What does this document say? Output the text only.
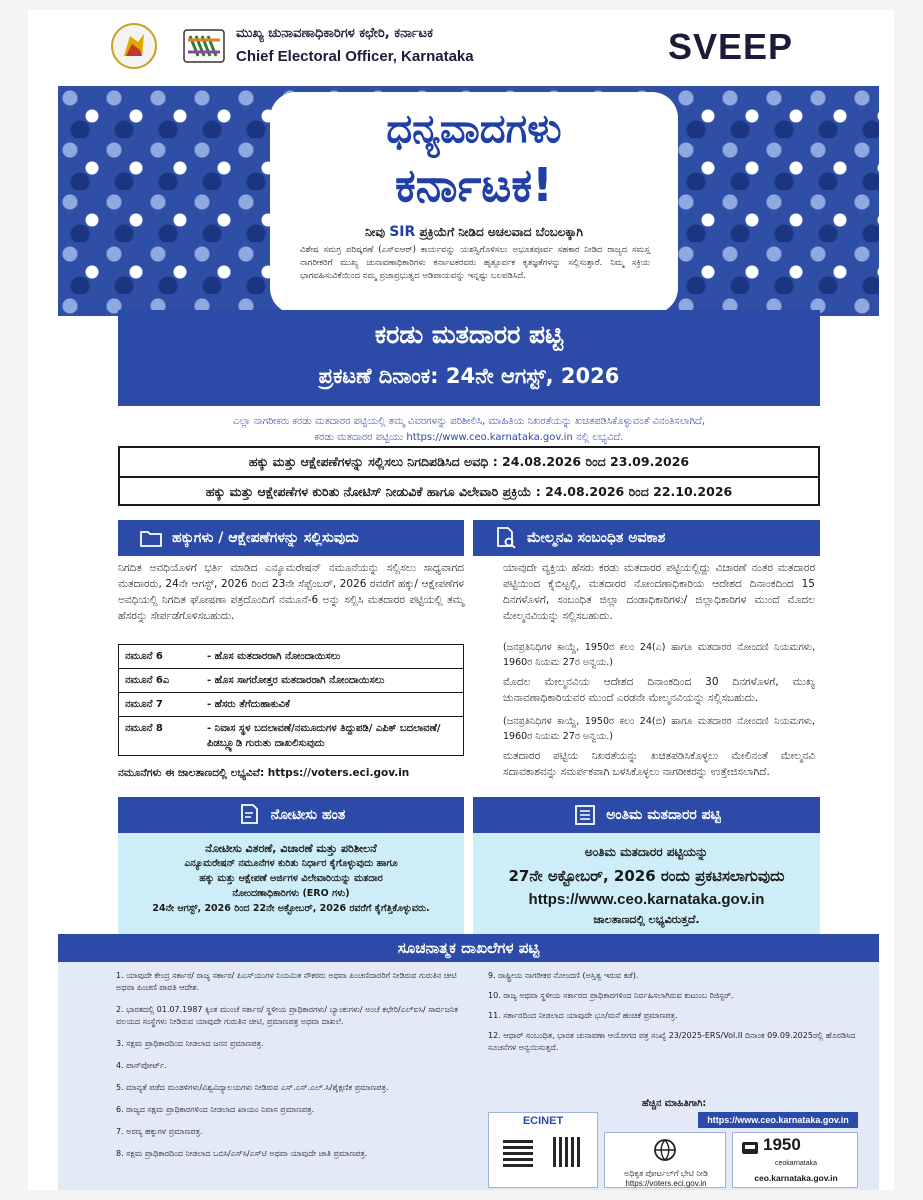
ಮುಖ್ಯ ಚುನಾವಣಾಧಿಕಾರಿಗಳ ಕಛೇರಿ, ಕರ್ನಾಟಕ
Chief Electoral Officer, Karnataka	SVEEP
ಧನ್ಯವಾದಗಳು
ಕರ್ನಾಟಕ!
ನೀವು SIR ಪ್ರಕ್ರಿಯೆಗೆ ನೀಡಿದ ಅಚಲವಾದ ಬೆಂಬಲಕ್ಕಾಗಿ
ವಿಶೇಷ ಸಮಗ್ರ ಪರಿಷ್ಕರಣೆ (ಎಸ್‌ಐಆರ್) ಕಾರ್ಯವನ್ನು ಯಶಸ್ವಿಗೊಳಿಸಲು ಅಭೂತಪೂರ್ವ ಸಹಕಾರ ನೀಡಿದ ರಾಜ್ಯದ ಸಮಸ್ತ ನಾಗರೀಕರಿಗೆ ಮುಖ್ಯ ಚುನಾವಣಾಧಿಕಾರಿಗಳು ಕರ್ನಾಟಕರವರು ಹೃತ್ಪೂರ್ವಕ ಕೃತಜ್ಞತೆಗಳನ್ನು ಸಲ್ಲಿಸುತ್ತಾರೆ. ನಿಮ್ಮ ಸಕ್ರಿಯ ಭಾಗವಹಿಸುವಿಕೆಯಿಂದ ನಮ್ಮ ಪ್ರಜಾಪ್ರಭುತ್ವದ ಅಡಿಪಾಯವನ್ನು ಇನ್ನಷ್ಟು ಬಲಪಡಿಸಿದೆ.
ಕರಡು ಮತದಾರರ ಪಟ್ಟಿ
ಪ್ರಕಟಣೆ ದಿನಾಂಕ: 24ನೇ ಆಗಸ್ಟ್, 2026
ಎಲ್ಲಾ ನಾಗರೀಕರು ಕರಡು ಮತದಾರರ ಪಟ್ಟಿಯಲ್ಲಿ ತಮ್ಮ ವಿವರಗಳನ್ನು ಪರಿಶೀಲಿಸಿ, ಮಾಹಿತಿಯ ನಿಖರತೆಯನ್ನು ಖಚಿತಪಡಿಸಿಕೊಳ್ಳುವಂತೆ ವಿನಂತಿಸಲಾಗಿದೆ,
ಕರಡು ಮತದಾರರ ಪಟ್ಟಿಯು https://www.ceo.karnataka.gov.in ನಲ್ಲಿ ಲಭ್ಯವಿದೆ.
ಹಕ್ಕು ಮತ್ತು ಆಕ್ಷೇಪಣೆಗಳನ್ನು ಸಲ್ಲಿಸಲು ನಿಗದಿಪಡಿಸಿದ ಅವಧಿ : 24.08.2026 ರಿಂದ 23.09.2026
ಹಕ್ಕು ಮತ್ತು ಆಕ್ಷೇಪಣೆಗಳ ಕುರಿತು ನೋಟಿಸ್ ನೀಡುವಿಕೆ ಹಾಗೂ ವಿಲೇವಾರಿ ಪ್ರಕ್ರಿಯೆ : 24.08.2026 ರಿಂದ 22.10.2026
ಹಕ್ಕುಗಳು / ಆಕ್ಷೇಪಣೆಗಳನ್ನು ಸಲ್ಲಿಸುವುದು
ನಿಗದಿತ ಅವಧಿಯೊಳಗೆ ಭರ್ತಿ ಮಾಡಿದ ಎನ್ಯೂಮರೇಷನ್ ನಮೂನೆಯನ್ನು ಸಲ್ಲಿಸಲು ಸಾಧ್ಯವಾಗದ ಮತದಾರರು, 24ನೇ ಆಗಸ್ಟ್, 2026 ರಿಂದ 23ನೇ ಸೆಪ್ಟೆಂಬರ್, 2026 ರವರೆಗೆ ಹಕ್ಕು/ ಆಕ್ಷೇಪಣೆಗಳ ಅವಧಿಯಲ್ಲಿ ನಿಗದಿತ ಘೋಷಣಾ ಪತ್ರದೊಂದಿಗೆ ನಮೂನೆ-6 ಅನ್ನು ಸಲ್ಲಿಸಿ ಮತದಾರರ ಪಟ್ಟಿಯಲ್ಲಿ ತಮ್ಮ ಹೆಸರನ್ನು ಸೇರ್ಪಡೆಗೊಳಿಸಬಹುದು.
ನಮೂನೆ 6	- ಹೊಸ ಮತದಾರರಾಗಿ ನೋಂದಾಯಿಸಲು
ನಮೂನೆ 6ಎ	- ಹೊಸ ಸಾಗರೋತ್ತರ ಮತದಾರರಾಗಿ ನೋಂದಾಯಿಸಲು
ನಮೂನೆ 7	- ಹೆಸರು ತೆಗೆದುಹಾಕುವಿಕೆ
ನಮೂನೆ 8	- ನಿವಾಸ ಸ್ಥಳ ಬದಲಾವಣೆ/ನಮೂದುಗಳ ತಿದ್ದುಪಡಿ/ ಎಪಿಕ್ ಬದಲಾವಣೆ/ಪಿಡಬ್ಲ್ಯೂಡಿ ಗುರುತು ದಾಖಲಿಸುವುದು
ನಮೂನೆಗಳು ಈ ಜಾಲತಾಣದಲ್ಲಿ ಲಭ್ಯವಿವೆ: https://voters.eci.gov.in
ಮೇಲ್ಮನವಿ ಸಂಬಂಧಿತ ಅವಕಾಶ
ಯಾವುದೇ ವ್ಯಕ್ತಿಯ ಹೆಸರು ಕರಡು ಮತದಾರರ ಪಟ್ಟಿಯಲ್ಲಿದ್ದು ವಿಚಾರಣೆ ನಂತರ ಮತದಾರರ ಪಟ್ಟಿಯಿಂದ ಕೈಬಿಟ್ಟಲ್ಲಿ, ಮತದಾರರ ನೋಂದಣಾಧಿಕಾರಿಯ ಆದೇಶದ ದಿನಾಂಕದಿಂದ 15 ದಿನಗಳೊಳಗೆ, ಸಂಬಂಧಿತ ಜಿಲ್ಲಾ ದಂಡಾಧಿಕಾರಿಗಳು/ ಜಿಲ್ಲಾಧಿಕಾರಿಗಳ ಮುಂದೆ ಮೊದಲ ಮೇಲ್ಮನವಿಯನ್ನು ಸಲ್ಲಿಸಬಹುದು.
(ಜನಪ್ರತಿನಿಧಿಗಳ ಕಾಯ್ದೆ, 1950ರ ಕಲಂ 24(ಎ) ಹಾಗೂ ಮತದಾರರ ನೋಂದಣಿ ನಿಯಮಗಳು, 1960ರ ನಿಯಮ 27ರ ಅನ್ವಯ.)
ಮೊದಲ ಮೇಲ್ಮನವಿಯ ಆದೇಶದ ದಿನಾಂಕದಿಂದ 30 ದಿನಗಳೊಳಗೆ, ಮುಖ್ಯ ಚುನಾವಣಾಧಿಕಾರಿಯವರ ಮುಂದೆ ಎರಡನೇ ಮೇಲ್ಮನವಿಯನ್ನು ಸಲ್ಲಿಸಬಹುದು.
(ಜನಪ್ರತಿನಿಧಿಗಳ ಕಾಯ್ದೆ, 1950ರ ಕಲಂ 24(ಬಿ) ಹಾಗೂ ಮತದಾರರ ನೋಂದಣಿ ನಿಯಮಗಳು, 1960ರ ನಿಯಮ 27ರ ಅನ್ವಯ.)
ಮತದಾರರ ಪಟ್ಟಿಯ ನಿಖರತೆಯನ್ನು ಖಚಿತಪಡಿಸಿಕೊಳ್ಳಲು ಮೇಲಿನಂತೆ ಮೇಲ್ಮನವಿ ಸದಾವಕಾಶವನ್ನು ಸಮರ್ಪಕವಾಗಿ ಬಳಸಿಕೊಳ್ಳಲು ನಾಗರೀಕರನ್ನು ಉತ್ತೇಜಿಸಲಾಗಿದೆ.
ನೋಟೀಸು ಹಂತ
ನೋಟೀಸು ವಿತರಣೆ, ವಿಚಾರಣೆ ಮತ್ತು ಪರಿಶೀಲನೆ
ಎನ್ಯೂಮರೇಷನ್ ನಮೂನೆಗಳ ಕುರಿತು ನಿರ್ಧಾರ ಕೈಗೊಳ್ಳುವುದು ಹಾಗೂ
ಹಕ್ಕು ಮತ್ತು ಆಕ್ಷೇಪಣೆ ಅರ್ಜಿಗಳ ವಿಲೇವಾರಿಯನ್ನು ಮತದಾರ
ನೋಂದಣಾಧಿಕಾರಿಗಳು (ERO ಗಳು)
24ನೇ ಆಗಸ್ಟ್, 2026 ರಿಂದ 22ನೇ ಅಕ್ಟೋಬರ್, 2026 ರವರೆಗೆ ಕೈಗೆತ್ತಿಕೊಳ್ಳುವರು.
ಅಂತಿಮ ಮತದಾರರ ಪಟ್ಟಿ
ಅಂತಿಮ ಮತದಾರರ ಪಟ್ಟಿಯನ್ನು
27ನೇ ಅಕ್ಟೋಬರ್, 2026 ರಂದು ಪ್ರಕಟಿಸಲಾಗುವುದು
https://www.ceo.karnataka.gov.in
ಜಾಲತಾಣದಲ್ಲಿ ಲಭ್ಯವಿರುತ್ತದೆ.
ಸೂಚನಾತ್ಮಕ ದಾಖಲೆಗಳ ಪಟ್ಟಿ
1. ಯಾವುದೇ ಕೇಂದ್ರ ಸರ್ಕಾರ/ ರಾಜ್ಯ ಸರ್ಕಾರ/ ಪಿಎಸ್‌ಯುಗಳ ನಿಯಮಿತ ನೌಕರರು ಅಥವಾ ಪಿಂಚಣಿದಾರರಿಗೆ ನೀಡಿರುವ ಗುರುತಿನ ಚೀಟಿ ಅಥವಾ ಪಿಂಚಣಿ ಪಾವತಿ ಆದೇಶ.
2. ಭಾರತದಲ್ಲಿ 01.07.1987 ಕ್ಕಿಂತ ಮುಂಚೆ ಸರ್ಕಾರ/ ಸ್ಥಳೀಯ ಪ್ರಾಧಿಕಾರಗಳು/ ಬ್ಯಾಂಕುಗಳು/ ಅಂಚೆ ಕಛೇರಿ/ಎಲ್‌ಐಸಿ/ ಸಾರ್ವಜನಿಕ ವಲಯದ ಸಂಸ್ಥೆಗಳು ನೀಡಿರುವ ಯಾವುದೇ ಗುರುತಿನ ಚೀಟಿ, ಪ್ರಮಾಣಪತ್ರ ಅಥವಾ ದಾಖಲೆ.
3. ಸಕ್ಷಮ ಪ್ರಾಧಿಕಾರದಿಂದ ನೀಡಲಾದ ಜನನ ಪ್ರಮಾಣಪತ್ರ.
4. ಪಾಸ್‌ಪೋರ್ಟ್.
5. ಮಾನ್ಯತೆ ಪಡೆದ ಮಂಡಳಿಗಳು/ವಿಶ್ವವಿದ್ಯಾಲಯಗಳು ನೀಡಿರುವ ಎಸ್.ಎಸ್.ಎಲ್.ಸಿ/ಶೈಕ್ಷಣಿಕ ಪ್ರಮಾಣಪತ್ರ.
6. ರಾಜ್ಯದ ಸಕ್ಷಮ ಪ್ರಾಧಿಕಾರಗಳಿಂದ ನೀಡಲಾದ ಖಾಯಂ ನಿವಾಸ ಪ್ರಮಾಣಪತ್ರ.
7. ಅರಣ್ಯ ಹಕ್ಕುಗಳ ಪ್ರಮಾಣಪತ್ರ.
8. ಸಕ್ಷಮ ಪ್ರಾಧಿಕಾರದಿಂದ ನೀಡಲಾದ ಒಬಿಸಿ/ಎಸ್‌ಸಿ/ಎಸ್‌ಟಿ ಅಥವಾ ಯಾವುದೇ ಜಾತಿ ಪ್ರಮಾಣಪತ್ರ.
9. ರಾಷ್ಟ್ರೀಯ ನಾಗರೀಕರ ನೋಂದಣಿ (ಅಸ್ತಿತ್ವ ಇರುವ ಕಡೆ).
10. ರಾಜ್ಯ ಅಥವಾ ಸ್ಥಳೀಯ ಸರ್ಕಾರದ ಪ್ರಾಧಿಕಾರಗಳಿಂದ ನಿರ್ವಹಿಸಲಾಗಿರುವ ಕುಟುಂಬ ರಿಜಿಸ್ಟರ್.
11. ಸರ್ಕಾರದಿಂದ ನೀಡಲಾದ ಯಾವುದೇ ಭೂ/ಮನೆ ಹಂಚಿಕೆ ಪ್ರಮಾಣಪತ್ರ.
12. ಆಧಾರ್ ಸಂಬಂಧಿತ, ಭಾರತ ಚುನಾವಣಾ ಆಯೋಗದ ಪತ್ರ ಸಂಖ್ಯೆ 23/2025-ERS/Vol.II ದಿನಾಂಕ 09.09.2025ರಲ್ಲಿ ಹೊರಡಿಸಿದ ಸೂಚನೆಗಳ ಅನ್ವಯಿಸುತ್ತದೆ.
ಹೆಚ್ಚಿನ ಮಾಹಿತಿಗಾಗಿ:
https://www.ceo.karnataka.gov.in
ECINET
ಅಧಿಕೃತ ಪೋರ್ಟಲ್‌ಗೆ ಭೇಟಿ ನೀಡಿ
https://voters.eci.gov.in
1950
ceokarnataka
ceo.karnataka.gov.in
